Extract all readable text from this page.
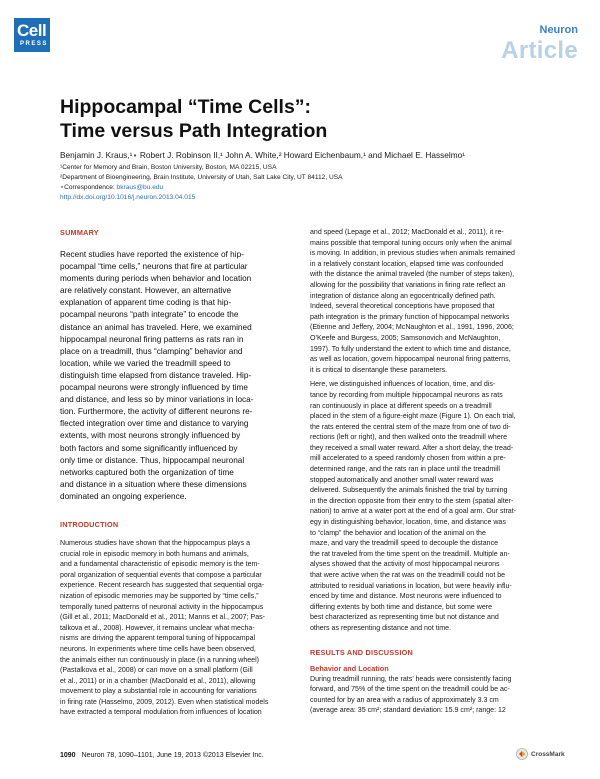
Cell
PRESS
Neuron
Article
Hippocampal “Time Cells”:
Time versus Path Integration
Benjamin J. Kraus,¹⋆ Robert J. Robinson II,¹ John A. White,² Howard Eichenbaum,¹ and Michael E. Hasselmo¹
¹Center for Memory and Brain, Boston University, Boston, MA 02215, USA
²Department of Bioengineering, Brain Institute, University of Utah, Salt Lake City, UT 84112, USA
⋆Correspondence: bkraus@bu.edu
http://dx.doi.org/10.1016/j.neuron.2013.04.015
SUMMARY
Recent studies have reported the existence of hip-
pocampal “time cells,” neurons that fire at particular
moments during periods when behavior and location
are relatively constant. However, an alternative
explanation of apparent time coding is that hip-
pocampal neurons “path integrate” to encode the
distance an animal has traveled. Here, we examined
hippocampal neuronal firing patterns as rats ran in
place on a treadmill, thus “clamping” behavior and
location, while we varied the treadmill speed to
distinguish time elapsed from distance traveled. Hip-
pocampal neurons were strongly influenced by time
and distance, and less so by minor variations in loca-
tion. Furthermore, the activity of different neurons re-
flected integration over time and distance to varying
extents, with most neurons strongly influenced by
both factors and some significantly influenced by
only time or distance. Thus, hippocampal neuronal
networks captured both the organization of time
and distance in a situation where these dimensions
dominated an ongoing experience.
INTRODUCTION
Numerous studies have shown that the hippocampus plays a
crucial role in episodic memory in both humans and animals,
and a fundamental characteristic of episodic memory is the tem-
poral organization of sequential events that compose a particular
experience. Recent research has suggested that sequential orga-
nization of episodic memories may be supported by “time cells,”
temporally tuned patterns of neuronal activity in the hippocampus
(Gill et al., 2011; MacDonald et al., 2011; Manns et al., 2007; Pas-
talkova et al., 2008). However, it remains unclear what mecha-
nisms are driving the apparent temporal tuning of hippocampal
neurons. In experiments where time cells have been observed,
the animals either run continuously in place (in a running wheel)
(Pastalkova et al., 2008) or can move on a small platform (Gill
et al., 2011) or in a chamber (MacDonald et al., 2011), allowing
movement to play a substantial role in accounting for variations
in firing rate (Hasselmo, 2009, 2012). Even when statistical models
have extracted a temporal modulation from influences of location
and speed (Lepage et al., 2012; MacDonald et al., 2011), it re-
mains possible that temporal tuning occurs only when the animal
is moving. In addition, in previous studies when animals remained
in a relatively constant location, elapsed time was confounded
with the distance the animal traveled (the number of steps taken),
allowing for the possibility that variations in firing rate reflect an
integration of distance along an egocentrically defined path.
Indeed, several theoretical conceptions have proposed that
path integration is the primary function of hippocampal networks
(Etienne and Jeffery, 2004; McNaughton et al., 1991, 1996, 2006;
O’Keefe and Burgess, 2005; Samsonovich and McNaughton,
1997). To fully understand the extent to which time and distance,
as well as location, govern hippocampal neuronal firing patterns,
it is critical to disentangle these parameters.
Here, we distinguished influences of location, time, and dis-
tance by recording from multiple hippocampal neurons as rats
ran continuously in place at different speeds on a treadmill
placed in the stem of a figure-eight maze (Figure 1). On each trial,
the rats entered the central stem of the maze from one of two di-
rections (left or right), and then walked onto the treadmill where
they received a small water reward. After a short delay, the tread-
mill accelerated to a speed randomly chosen from within a pre-
determined range, and the rats ran in place until the treadmill
stopped automatically and another small water reward was
delivered. Subsequently the animals finished the trial by turning
in the direction opposite from their entry to the stem (spatial alter-
nation) to arrive at a water port at the end of a goal arm. Our strat-
egy in distinguishing behavior, location, time, and distance was
to “clamp” the behavior and location of the animal on the
maze, and vary the treadmill speed to decouple the distance
the rat traveled from the time spent on the treadmill. Multiple an-
alyses showed that the activity of most hippocampal neurons
that were active when the rat was on the treadmill could not be
attributed to residual variations in location, but were heavily influ-
enced by time and distance. Most neurons were influenced to
differing extents by both time and distance, but some were
best characterized as representing time but not distance and
others as representing distance and not time.
RESULTS AND DISCUSSION
Behavior and Location
During treadmill running, the rats’ heads were consistently facing
forward, and 75% of the time spent on the treadmill could be ac-
counted for by an area with a radius of approximately 3.3 cm
(average area: 35 cm²; standard deviation: 15.9 cm²; range: 12
1090 Neuron 78, 1090–1101, June 19, 2013 ©2013 Elsevier Inc.	CrossMark
